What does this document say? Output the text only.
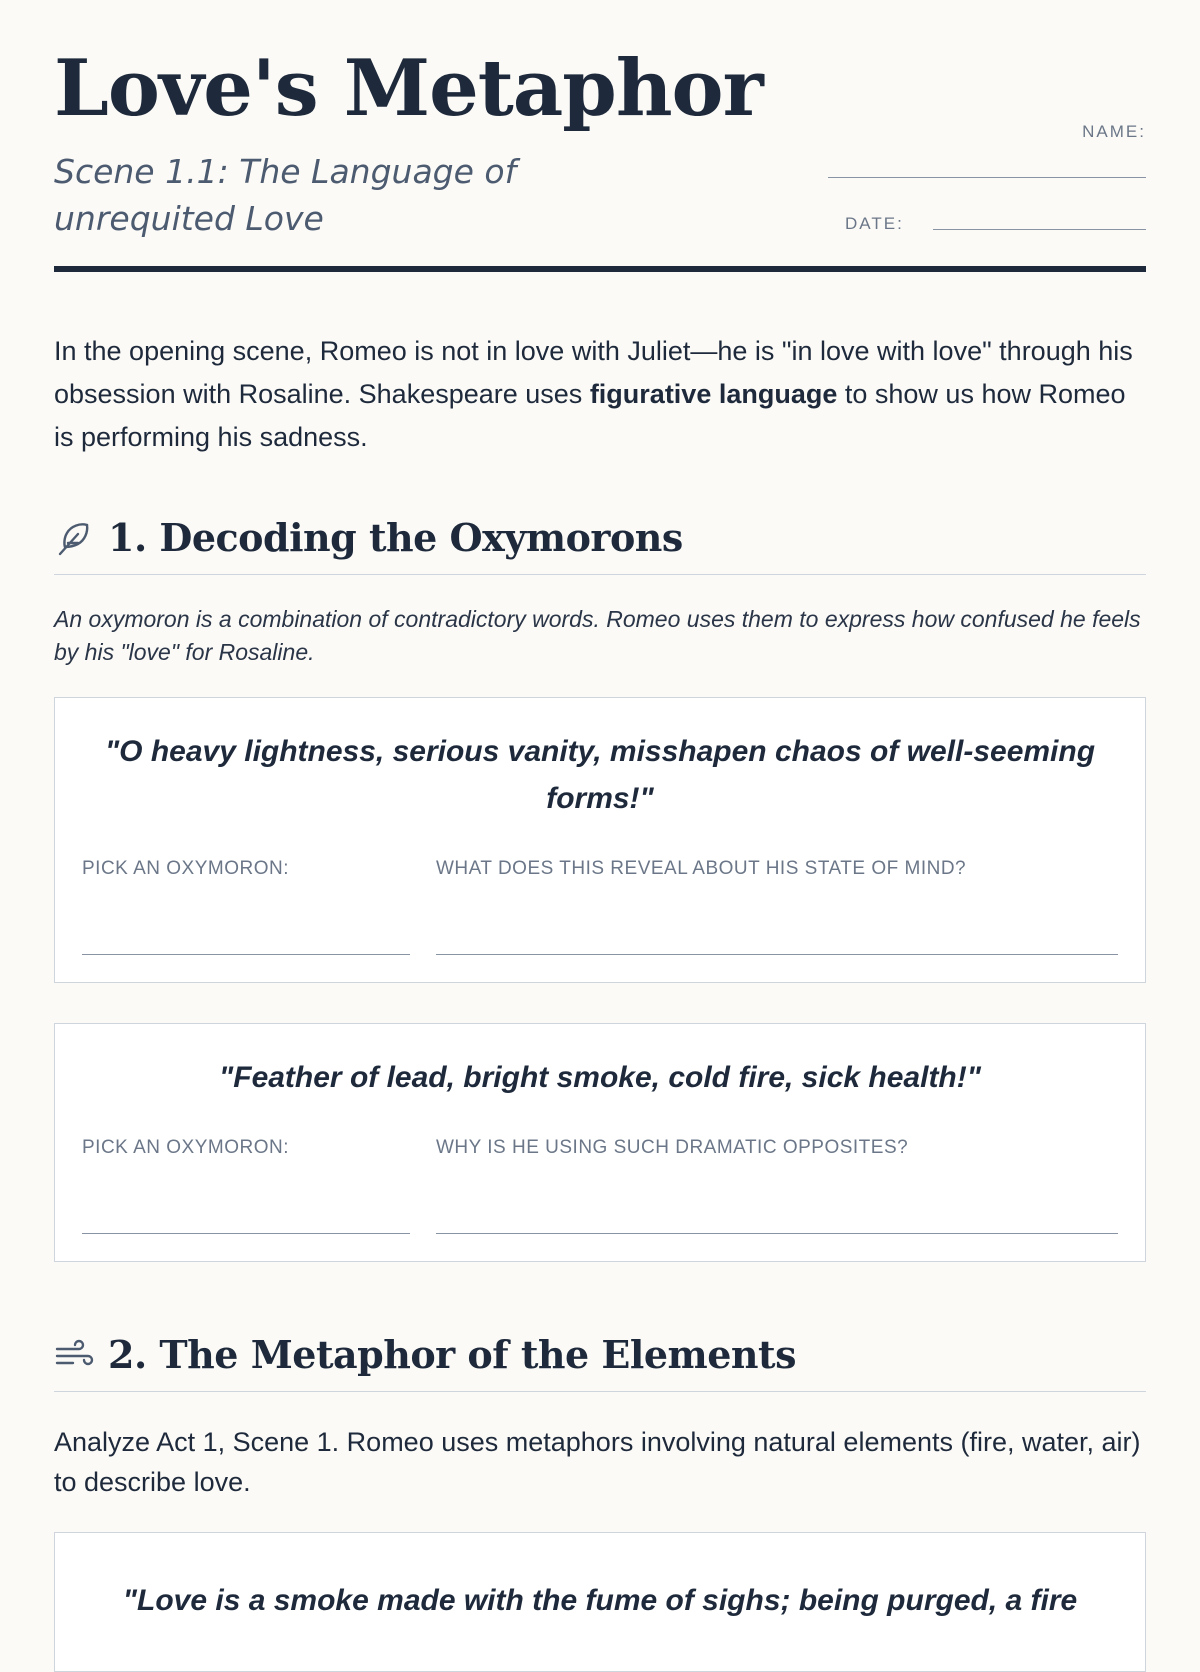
Love's Metaphor

Scene 1.1: The Language of unrequited Love

NAME:
DATE:

In the opening scene, Romeo is not in love with Juliet—he is "in love with love" through his obsession with Rosaline. Shakespeare uses figurative language to show us how Romeo is performing his sadness.

1. Decoding the Oxymorons

An oxymoron is a combination of contradictory words. Romeo uses them to express how confused he feels by his "love" for Rosaline.

"O heavy lightness, serious vanity, misshapen chaos of well-seeming forms!"

PICK AN OXYMORON:	WHAT DOES THIS REVEAL ABOUT HIS STATE OF MIND?

"Feather of lead, bright smoke, cold fire, sick health!"

PICK AN OXYMORON:	WHY IS HE USING SUCH DRAMATIC OPPOSITES?
2. The Metaphor of the Elements

Analyze Act 1, Scene 1. Romeo uses metaphors involving natural elements (fire, water, air) to describe love.

"Love is a smoke made with the fume of sighs; being purged, a fire
